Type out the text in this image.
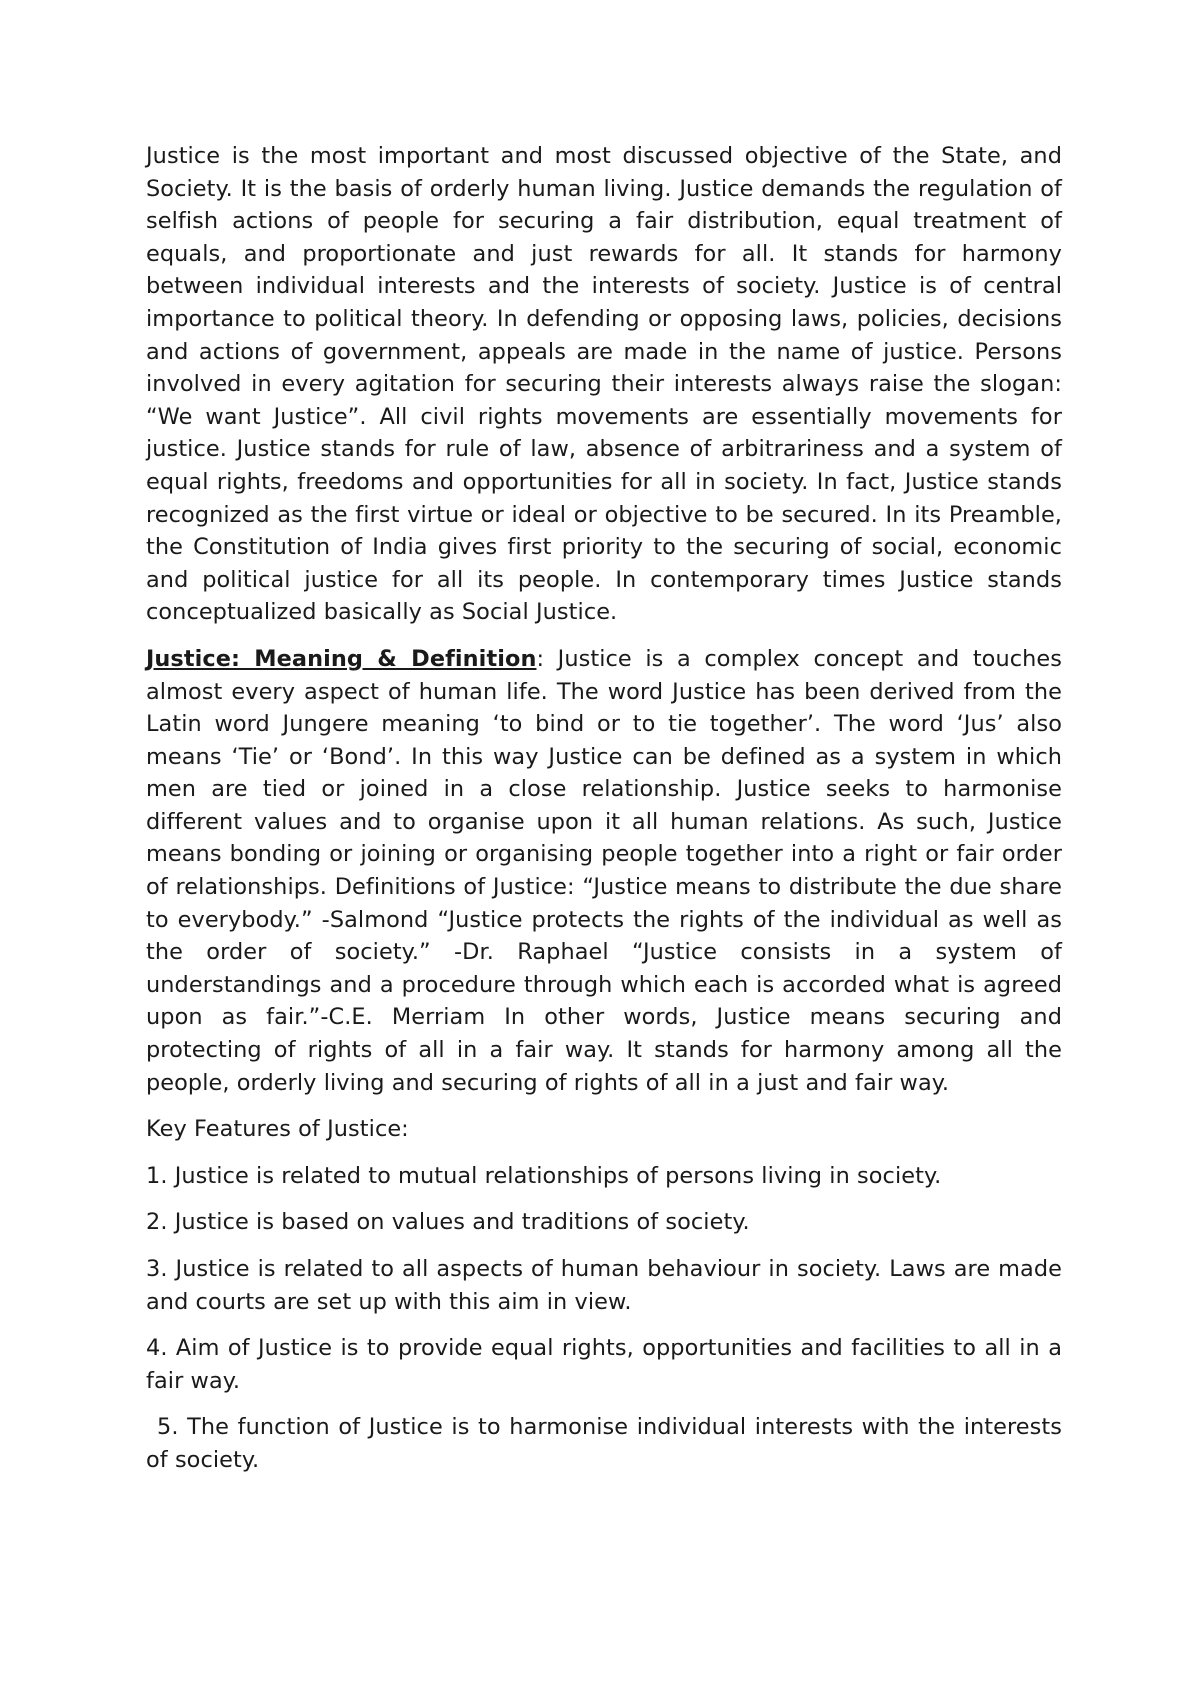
Justice is the most important and most discussed objective of the State, and Society. It is the basis of orderly human living. Justice demands the regulation of selfish actions of people for securing a fair distribution, equal treatment of equals, and proportionate and just rewards for all. It stands for harmony between individual interests and the interests of society. Justice is of central importance to political theory. In defending or opposing laws, policies, decisions and actions of government, appeals are made in the name of justice. Persons involved in every agitation for securing their interests always raise the slogan: “We want Justice”. All civil rights movements are essentially movements for justice. Justice stands for rule of law, absence of arbitrariness and a system of equal rights, freedoms and opportunities for all in society. In fact, Justice stands recognized as the first virtue or ideal or objective to be secured. In its Preamble, the Constitution of India gives first priority to the securing of social, economic and political justice for all its people. In contemporary times Justice stands conceptualized basically as Social Justice.

Justice: Meaning & Definition: Justice is a complex concept and touches almost every aspect of human life. The word Justice has been derived from the Latin word Jungere meaning ‘to bind or to tie together’. The word ‘Jus’ also means ‘Tie’ or ‘Bond’. In this way Justice can be defined as a system in which men are tied or joined in a close relationship. Justice seeks to harmonise different values and to organise upon it all human relations. As such, Justice means bonding or joining or organising people together into a right or fair order of relationships. Definitions of Justice: “Justice means to distribute the due share to everybody.” -Salmond “Justice protects the rights of the individual as well as the order of society.” -Dr. Raphael “Justice consists in a system of understandings and a procedure through which each is accorded what is agreed upon as fair.”-C.E. Merriam In other words, Justice means securing and protecting of rights of all in a fair way. It stands for harmony among all the people, orderly living and securing of rights of all in a just and fair way.

Key Features of Justice:

1. Justice is related to mutual relationships of persons living in society.

2. Justice is based on values and traditions of society.

3. Justice is related to all aspects of human behaviour in society. Laws are made and courts are set up with this aim in view.

4. Aim of Justice is to provide equal rights, opportunities and facilities to all in a fair way.

5. The function of Justice is to harmonise individual interests with the interests of society.
